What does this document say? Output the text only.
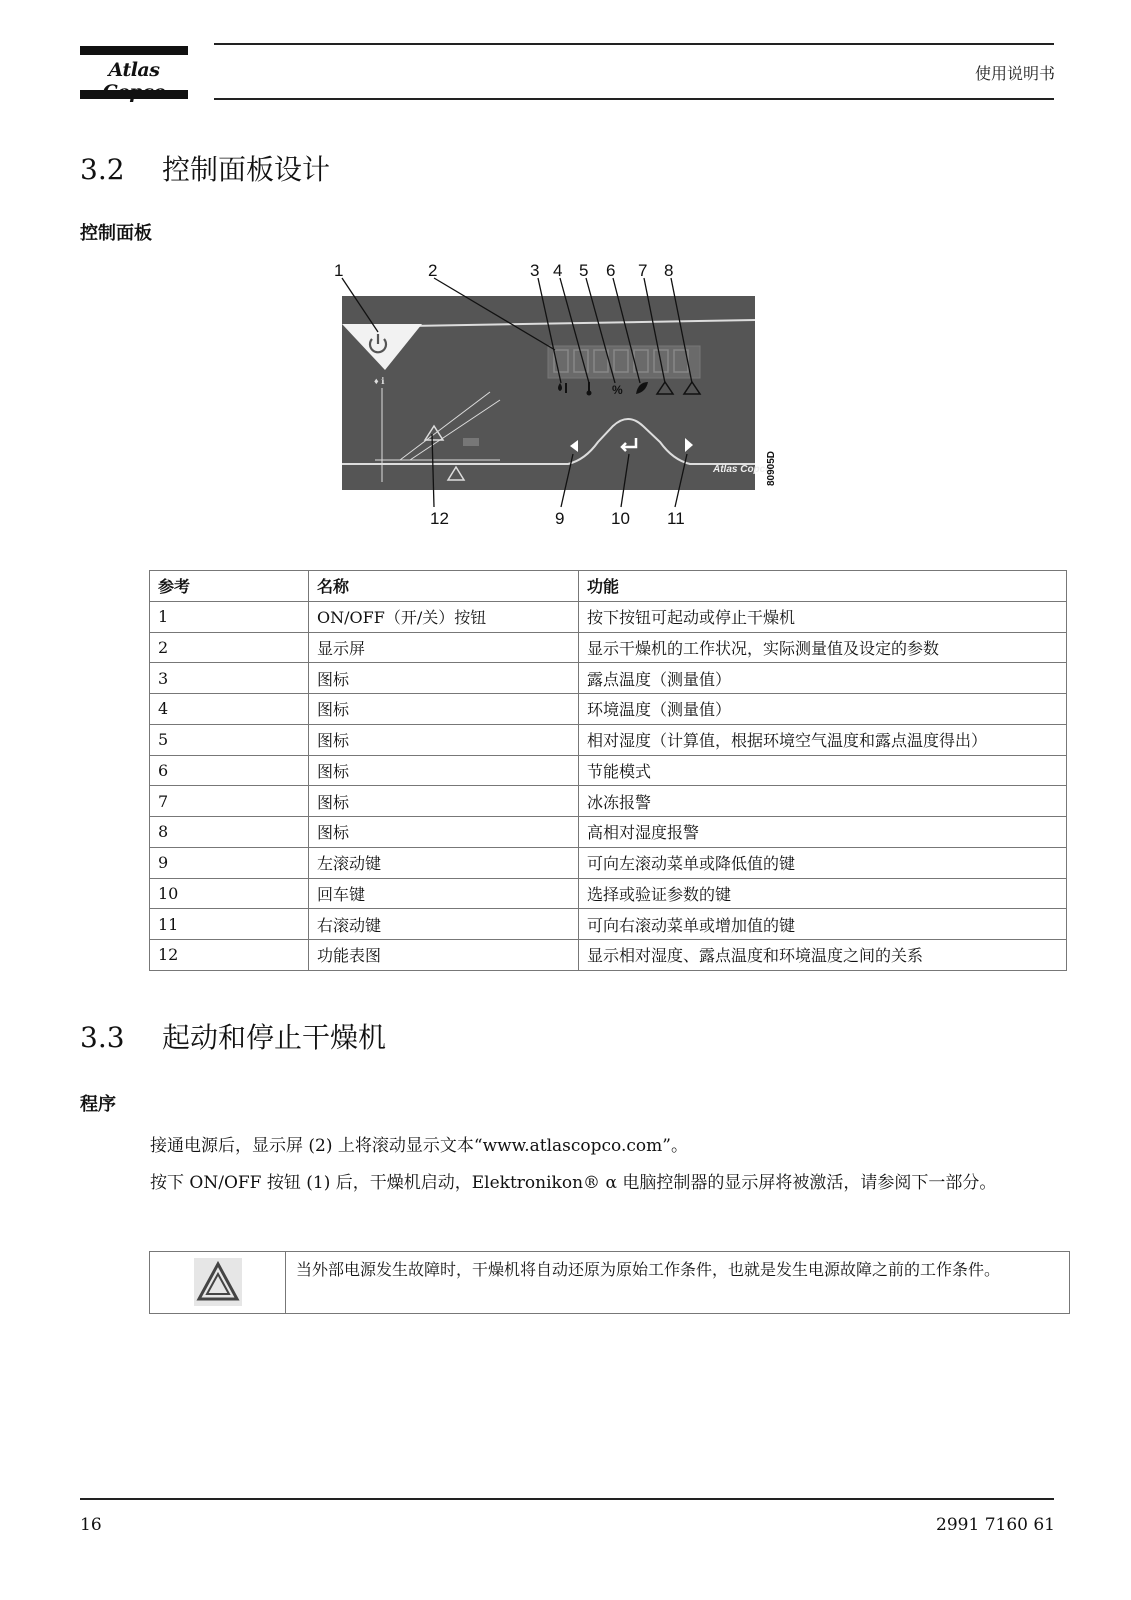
Atlas	使用说明书
3.2 控制面板设计
控制面板
%
♦ ℹ
Atlas Copco
80905D
1	2	3 4 5 6 7 8
12	9	10 11
参考	名称	功能
1	ON/OFF（开/关）按钮	按下按钮可起动或停止干燥机
2	显示屏	显示干燥机的工作状况，实际测量值及设定的参数
3	图标	露点温度（测量值）
4	图标	环境温度（测量值）
5	图标	相对湿度（计算值，根据环境空气温度和露点温度得出）
6	图标	节能模式
7	图标	冰冻报警
8	图标	高相对湿度报警
9	左滚动键	可向左滚动菜单或降低值的键
10	回车键	选择或验证参数的键
11	右滚动键	可向右滚动菜单或增加值的键
12	功能表图	显示相对湿度、露点温度和环境温度之间的关系
3.3 起动和停止干燥机
程序
接通电源后，显示屏 (2) 上将滚动显示文本“www.atlascopco.com”。
按下 ON/OFF 按钮 (1) 后，干燥机启动，Elektronikon® α 电脑控制器的显示屏将被激活，请参阅下一部分。
当外部电源发生故障时，干燥机将自动还原为原始工作条件，也就是发生电源故障之前的工作条件。
16	2991 7160 61
